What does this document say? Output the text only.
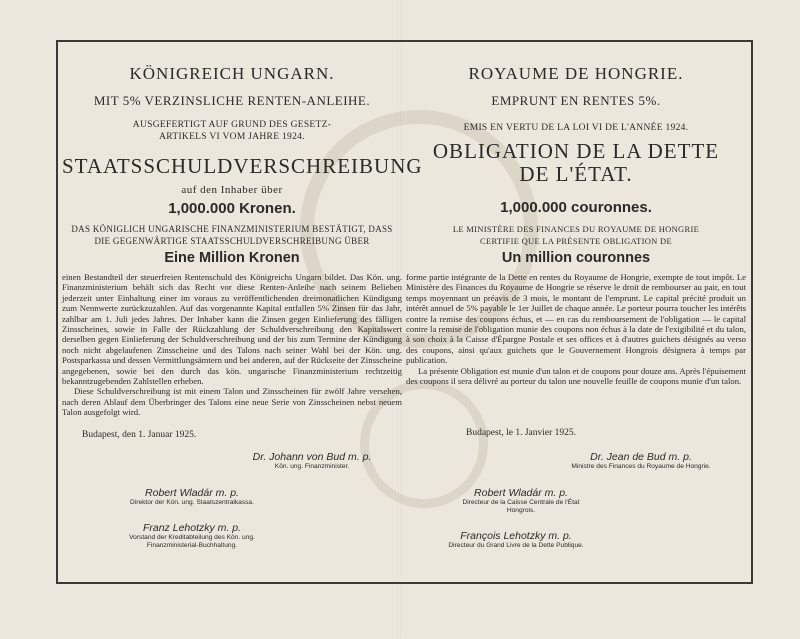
KÖNIGREICH UNGARN.
MIT 5% VERZINSLICHE RENTEN-ANLEIHE.
AUSGEFERTIGT AUF GRUND DES GESETZ-
ARTIKELS VI VOM JAHRE 1924.
STAATSSCHULDVERSCHREIBUNG
auf den Inhaber über
1,000.000 Kronen.
DAS KÖNIGLICH UNGARISCHE FINANZMINISTERIUM BESTÄTIGT, DASS
DIE GEGENWÄRTIGE STAATSSCHULDVERSCHREIBUNG ÜBER
Eine Million Kronen

einen Bestandteil der steuerfreien Rentenschuld des Königreichs Ungarn bildet. Das Kön. ung. Finanzministerium behält sich das Recht vor diese Renten-Anleihe nach seinem Belieben jederzeit unter Einhaltung einer im voraus zu veröffentlichenden dreimonatlichen Kündigung zum Nennwerte zurückzuzahlen. Auf das vorgenannte Kapital entfallen 5% Zinsen für das Jahr, zahlbar am 1. Juli jedes Jahres. Der Inhaber kann die Zinsen gegen Einlieferung des fälligen Zinsscheines, sowie in Falle der Rückzahlung der Schuldverschreibung den Kapitalswert derselben gegen Einlieferung der Schuldverschreibung und der bis zum Termine der Kündigung noch nicht abgelaufenen Zinsscheine und des Talons nach seiner Wahl bei der Kön. ung. Postsparkassa und dessen Vermittlungsämtern und bei anderen, auf der Rückseite der Zinsscheine angegebenen, sowie bei den durch das kön. ungarische Finanzministerium rechtzeitig bekanntzugebenden Zahlstellen erheben.

Diese Schuldverschreibung ist mit einem Talon und Zinsscheinen für zwölf Jahre versehen, nach deren Ablauf dem Überbringer des Talons eine neue Serie von Zinsscheinen nebst neuem Talon ausgefolgt wird.

Budapest, den 1. Januar 1925.
Dr. Johann von Bud m. p.
Kön. ung. Finanzminister.
Robert Wladár m. p.
Direktor der Kön. ung. Staatszentralkassa.
Franz Lehotzky m. p.
Vorstand der Kreditabteilung des Kön. ung.
Finanzministerial-Buchhaltung.
ROYAUME DE HONGRIE.
EMPRUNT EN RENTES 5%.
EMIS EN VERTU DE LA LOI VI DE L'ANNÉE 1924.
OBLIGATION DE LA DETTE
DE L'ÉTAT.
1,000.000 couronnes.
LE MINISTÈRE DES FINANCES DU ROYAUME DE HONGRIE
CERTIFIE QUE LA PRÉSENTE OBLIGATION DE
Un million couronnes

forme partie intégrante de la Dette en rentes du Royaume de Hongrie, exempte de tout impôt. Le Ministère des Finances du Royaume de Hongrie se réserve le droit de rembourser au pair, en tout temps moyennant un préavis de 3 mois, le montant de l'emprunt. Le capital précité produit un intérêt annuel de 5% payable le 1er Juillet de chaque année. Le porteur pourra toucher les intérêts contre la remise des coupons échus, et — en cas du remboursement de l'obligation — le capital contre la remise de l'obligation munie des coupons non échus à la date de l'exigibilité et du talon, à son choix à la Caisse d'Épargne Postale et ses offices et à d'autres guichets désignés au verso des coupons, ainsi qu'aux guichets que le Gouvernement Hongrois désignera à temps par publication.

La présente Obligation est munie d'un talon et de coupons pour douze ans. Après l'épuisement des coupons il sera délivré au porteur du talon une nouvelle feuille de coupons munie d'un talon.

Budapest, le 1. Janvier 1925.
Dr. Jean de Bud m. p.
Ministre des Finances du Royaume de Hongrie.
Robert Wladár m. p.
Directeur de la Caisse Centrale de l'État
Hongrois.
François Lehotzky m. p.
Directeur du Grand Livre de la Dette Publique.
